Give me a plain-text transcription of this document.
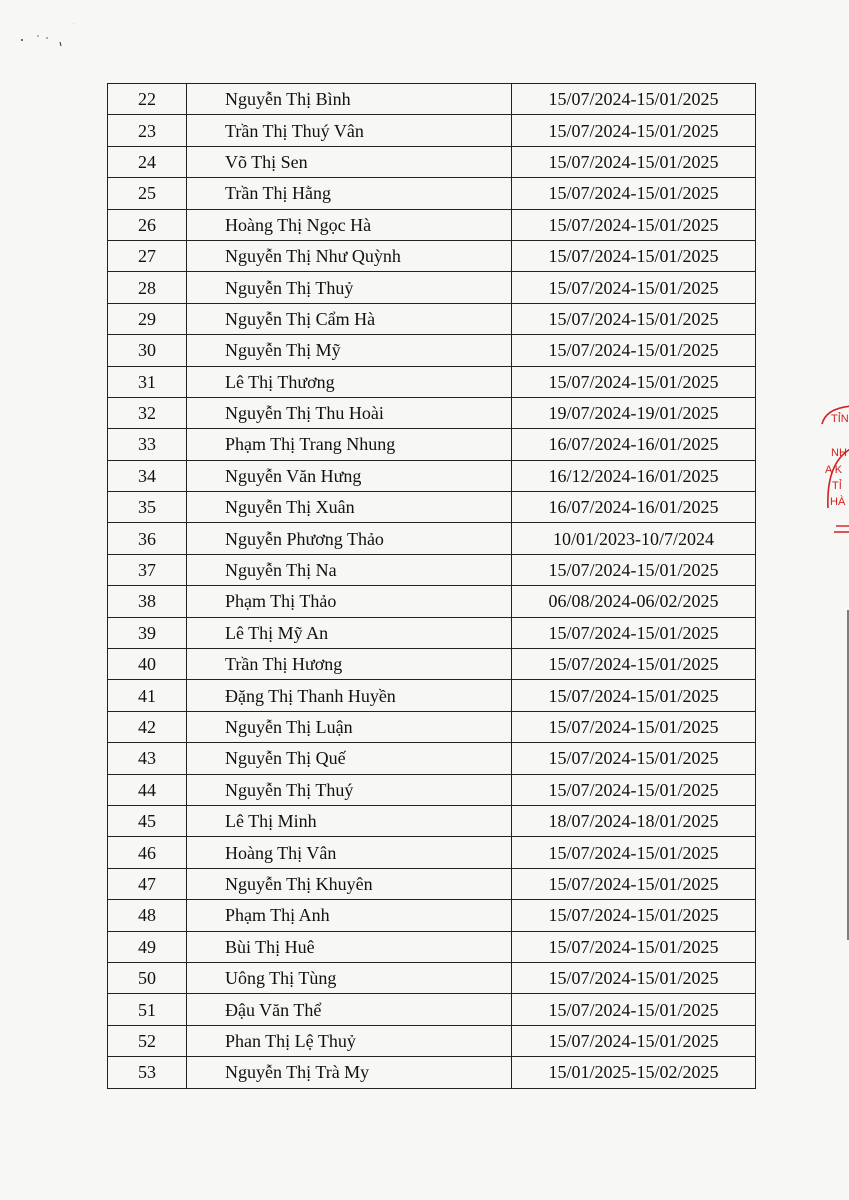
22	Nguyễn Thị Bình	15/07/2024-15/01/2025
23	Trần Thị Thuý Vân	15/07/2024-15/01/2025
24	Võ Thị Sen	15/07/2024-15/01/2025
25	Trần Thị Hằng	15/07/2024-15/01/2025
26	Hoàng Thị Ngọc Hà	15/07/2024-15/01/2025
27	Nguyễn Thị Như Quỳnh	15/07/2024-15/01/2025
28	Nguyễn Thị Thuỷ	15/07/2024-15/01/2025
29	Nguyễn Thị Cẩm Hà	15/07/2024-15/01/2025
30	Nguyễn Thị Mỹ	15/07/2024-15/01/2025
31	Lê Thị Thương	15/07/2024-15/01/2025
32	Nguyễn Thị Thu Hoài	19/07/2024-19/01/2025
33	Phạm Thị Trang Nhung	16/07/2024-16/01/2025
34	Nguyễn Văn Hưng	16/12/2024-16/01/2025
35	Nguyễn Thị Xuân	16/07/2024-16/01/2025
36	Nguyễn Phương Thảo	10/01/2023-10/7/2024
37	Nguyễn Thị Na	15/07/2024-15/01/2025
38	Phạm Thị Thảo	06/08/2024-06/02/2025
39	Lê Thị Mỹ An	15/07/2024-15/01/2025
40	Trần Thị Hương	15/07/2024-15/01/2025
41	Đặng Thị Thanh Huyền	15/07/2024-15/01/2025
42	Nguyễn Thị Luận	15/07/2024-15/01/2025
43	Nguyễn Thị Quế	15/07/2024-15/01/2025
44	Nguyễn Thị Thuý	15/07/2024-15/01/2025
45	Lê Thị Minh	18/07/2024-18/01/2025
46	Hoàng Thị Vân	15/07/2024-15/01/2025
47	Nguyễn Thị Khuyên	15/07/2024-15/01/2025
48	Phạm Thị Anh	15/07/2024-15/01/2025
49	Bùi Thị Huê	15/07/2024-15/01/2025
50	Uông Thị Tùng	15/07/2024-15/01/2025
51	Đậu Văn Thể	15/07/2024-15/01/2025
52	Phan Thị Lệ Thuỷ	15/07/2024-15/01/2025
53	Nguyễn Thị Trà My	15/01/2025-15/02/2025
TỈN
NH
A K
TỈ
HÀ
